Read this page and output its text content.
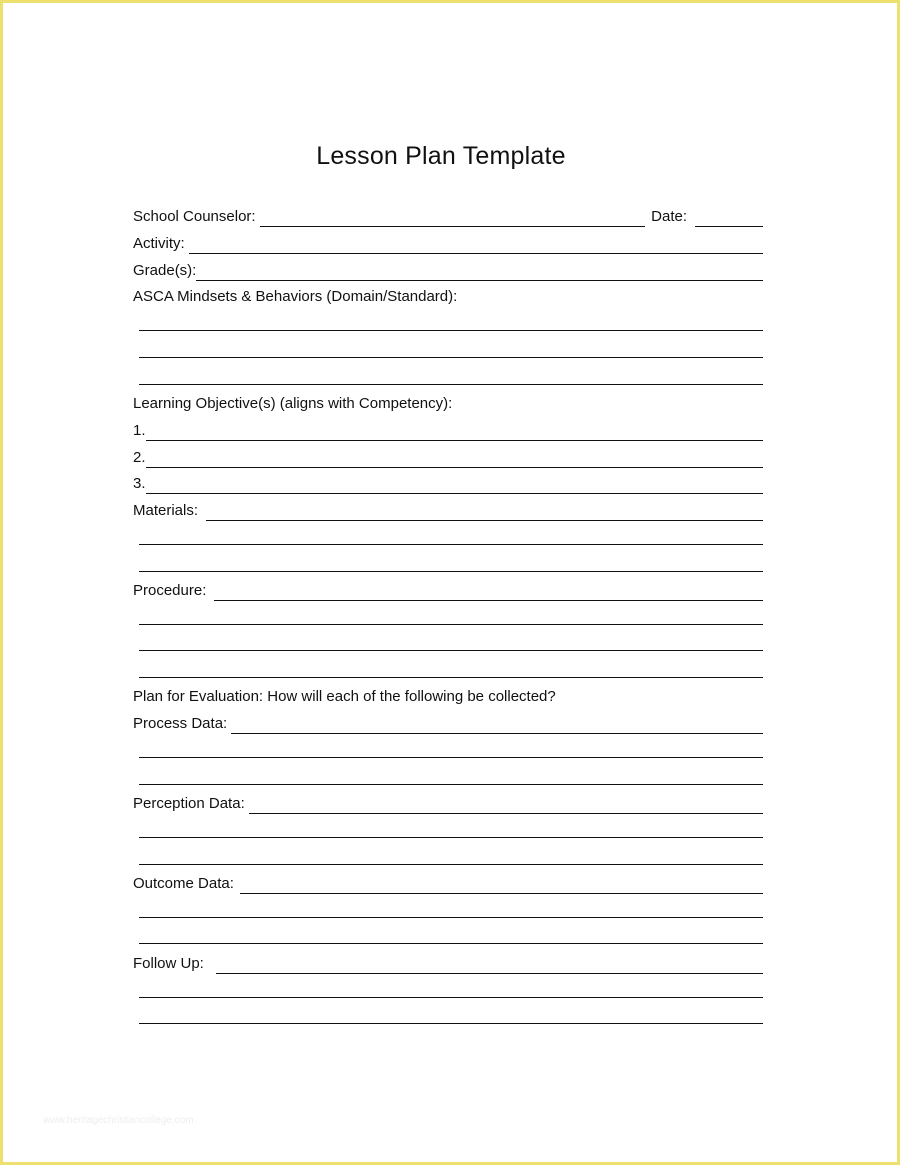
Lesson Plan Template
School Counselor:	Date:
Activity:
Grade(s):
ASCA Mindsets & Behaviors (Domain/Standard):
Learning Objective(s) (aligns with Competency):
1.
2.
3.
Materials:
Procedure:
Plan for Evaluation: How will each of the following be collected?
Process Data:
Perception Data:
Outcome Data:
Follow Up:
www.heritagechristiancollege.com
